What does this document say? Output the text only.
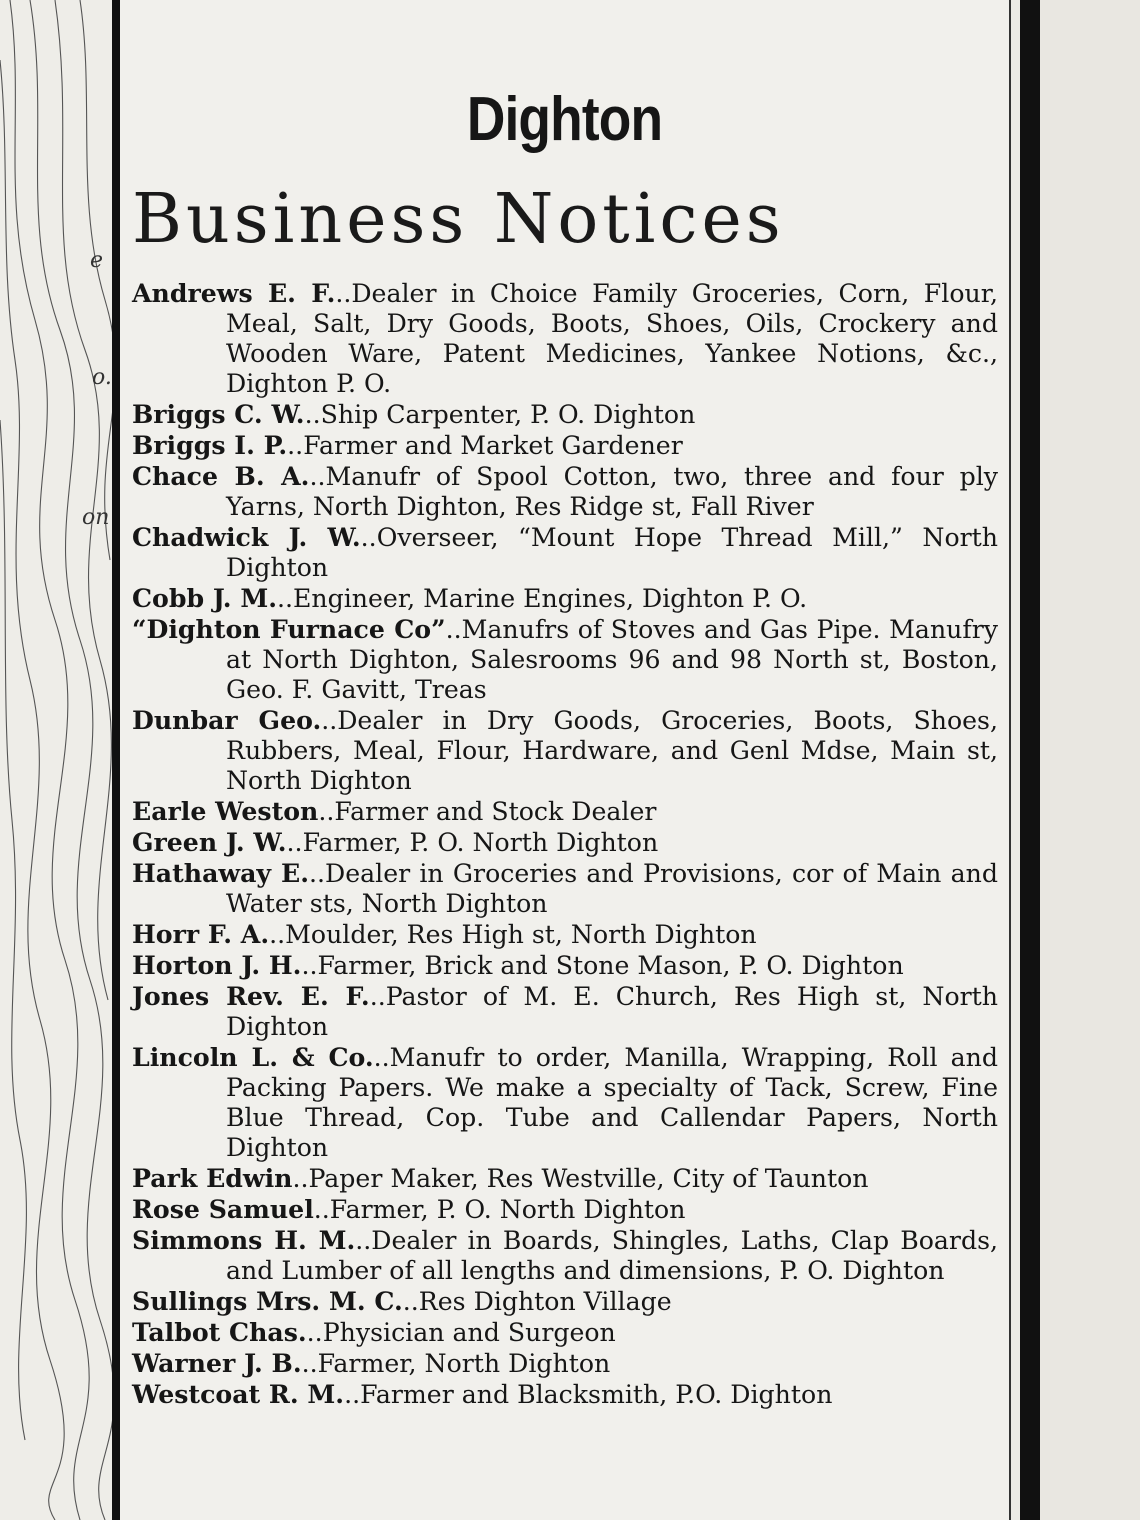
e
o.
on
Dighton
Business Notices
Andrews E. F...Dealer in Choice Family Groceries, Corn, Flour, Meal, Salt, Dry Goods, Boots, Shoes, Oils, Crockery and Wooden Ware, Patent Medicines, Yankee Notions, &c., Dighton P. O.
Briggs C. W...Ship Carpenter, P. O. Dighton
Briggs I. P...Farmer and Market Gardener
Chace B. A...Manufr of Spool Cotton, two, three and four ply Yarns, North Dighton, Res Ridge st, Fall River
Chadwick J. W...Overseer, “Mount Hope Thread Mill,” North Dighton
Cobb J. M...Engineer, Marine Engines, Dighton P. O.
“Dighton Furnace Co”..Manufrs of Stoves and Gas Pipe. Manufry at North Dighton, Salesrooms 96 and 98 North st, Boston, Geo. F. Gavitt, Treas
Dunbar Geo...Dealer in Dry Goods, Groceries, Boots, Shoes, Rubbers, Meal, Flour, Hardware, and Genl Mdse, Main st, North Dighton
Earle Weston..Farmer and Stock Dealer
Green J. W...Farmer, P. O. North Dighton
Hathaway E...Dealer in Groceries and Provisions, cor of Main and Water sts, North Dighton
Horr F. A...Moulder, Res High st, North Dighton
Horton J. H...Farmer, Brick and Stone Mason, P. O. Dighton
Jones Rev. E. F...Pastor of M. E. Church, Res High st, North Dighton
Lincoln L. & Co...Manufr to order, Manilla, Wrapping, Roll and Packing Papers. We make a specialty of Tack, Screw, Fine Blue Thread, Cop. Tube and Callendar Papers, North Dighton
Park Edwin..Paper Maker, Res Westville, City of Taunton
Rose Samuel..Farmer, P. O. North Dighton
Simmons H. M...Dealer in Boards, Shingles, Laths, Clap Boards, and Lumber of all lengths and dimensions, P. O. Dighton
Sullings Mrs. M. C...Res Dighton Village
Talbot Chas...Physician and Surgeon
Warner J. B...Farmer, North Dighton
Westcoat R. M...Farmer and Blacksmith, P.O. Dighton
